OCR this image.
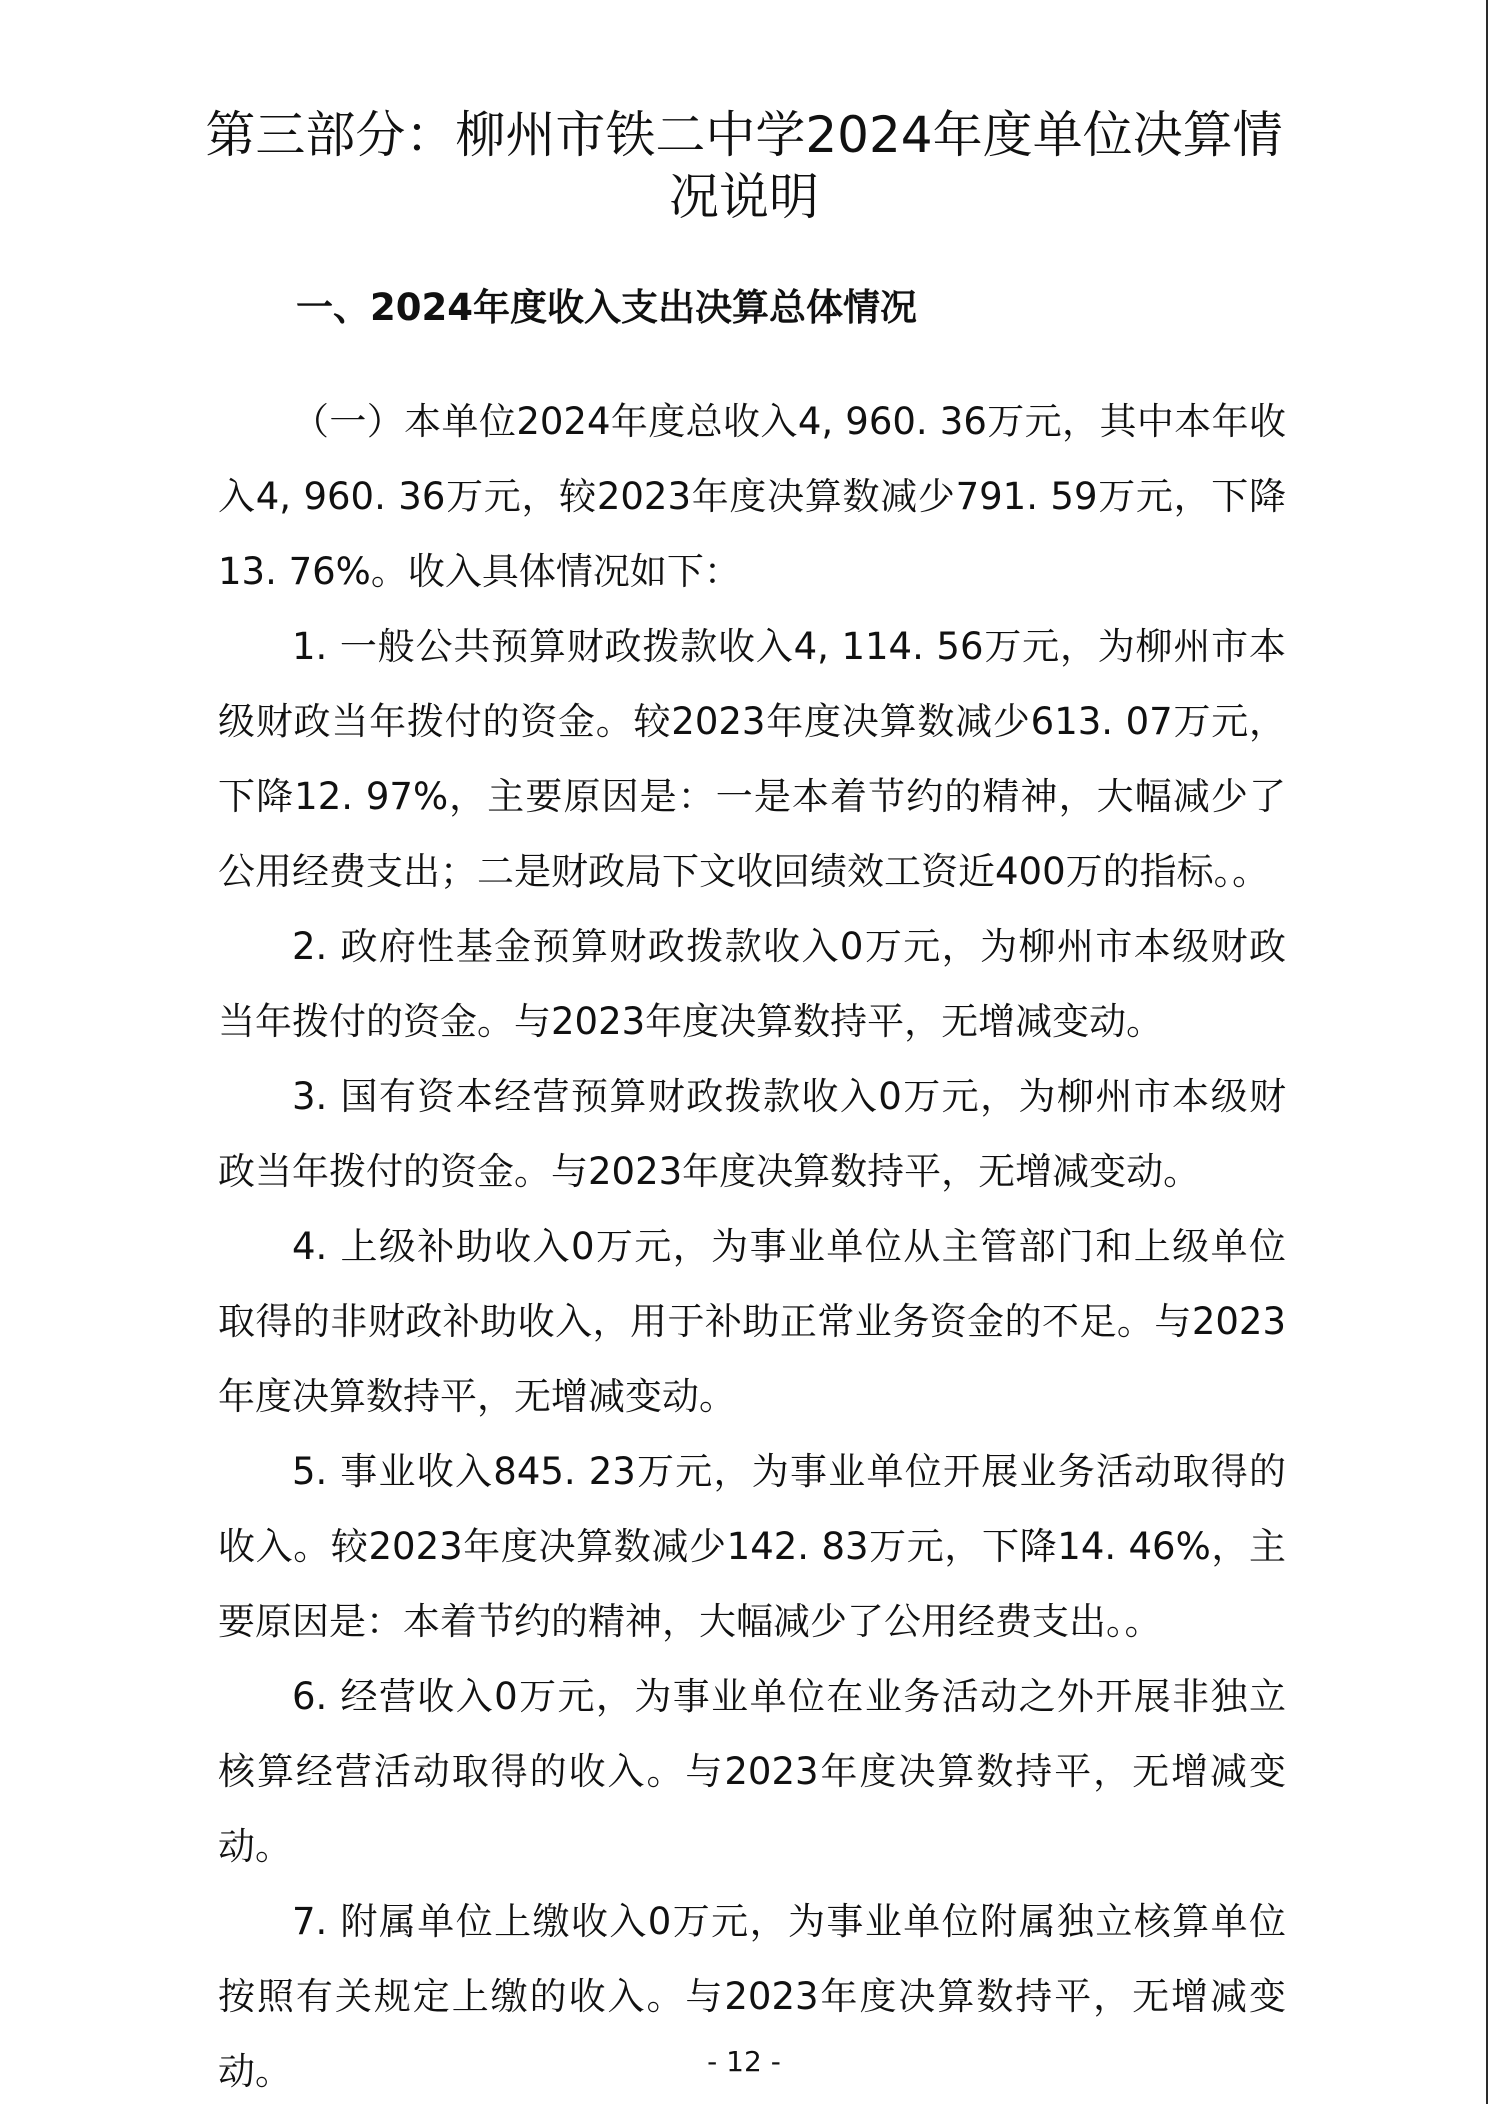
第三部分：柳州市铁二中学2024年度单位决算情况说明
一、2024年度收入支出决算总体情况

（一）本单位2024年度总收入4, 960. 36万元，其中本年收入4, 960. 36万元，较2023年度决算数减少791. 59万元，下降13. 76%。收入具体情况如下：

1. 一般公共预算财政拨款收入4, 114. 56万元，为柳州市本级财政当年拨付的资金。较2023年度决算数减少613. 07万元，下降12. 97%，主要原因是：一是本着节约的精神，大幅减少了公用经费支出；二是财政局下文收回绩效工资近400万的指标。。

2. 政府性基金预算财政拨款收入0万元，为柳州市本级财政当年拨付的资金。与2023年度决算数持平，无增减变动。

3. 国有资本经营预算财政拨款收入0万元，为柳州市本级财政当年拨付的资金。与2023年度决算数持平，无增减变动。

4. 上级补助收入0万元，为事业单位从主管部门和上级单位取得的非财政补助收入，用于补助正常业务资金的不足。与2023年度决算数持平，无增减变动。

5. 事业收入845. 23万元，为事业单位开展业务活动取得的收入。较2023年度决算数减少142. 83万元，下降14. 46%，主要原因是：本着节约的精神，大幅减少了公用经费支出。。

6. 经营收入0万元，为事业单位在业务活动之外开展非独立核算经营活动取得的收入。与2023年度决算数持平，无增减变动。

7. 附属单位上缴收入0万元，为事业单位附属独立核算单位按照有关规定上缴的收入。与2023年度决算数持平，无增减变动。	- 12 -
